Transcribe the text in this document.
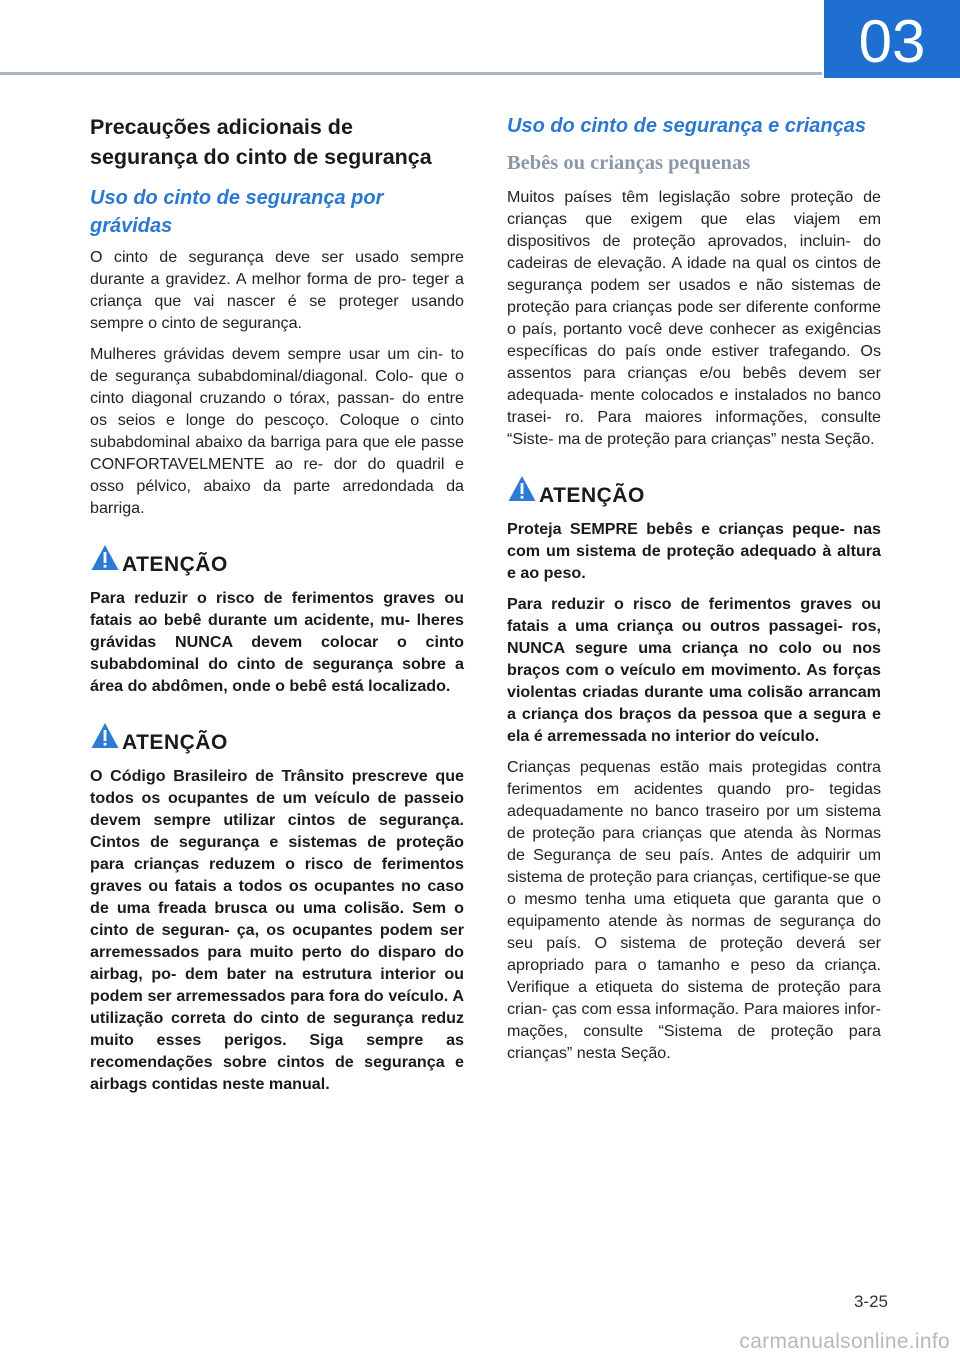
03
Precauções adicionais de segurança do cinto de segurança
Uso do cinto de segurança por grávidas

O cinto de segurança deve ser usado sempre durante a gravidez. A melhor forma de pro- teger a criança que vai nascer é se proteger usando sempre o cinto de segurança.

Mulheres grávidas devem sempre usar um cin- to de segurança subabdominal/diagonal. Colo- que o cinto diagonal cruzando o tórax, passan- do entre os seios e longe do pescoço. Coloque o cinto subabdominal abaixo da barriga para que ele passe CONFORTAVELMENTE ao re- dor do quadril e osso pélvico, abaixo da parte arredondada da barriga.

ATENÇÃO

Para reduzir o risco de ferimentos graves ou fatais ao bebê durante um acidente, mu- lheres grávidas NUNCA devem colocar o cinto subabdominal do cinto de segurança sobre a área do abdômen, onde o bebê está localizado.

ATENÇÃO

O Código Brasileiro de Trânsito prescreve que todos os ocupantes de um veículo de passeio devem sempre utilizar cintos de segurança. Cintos de segurança e sistemas de proteção para crianças reduzem o risco de ferimentos graves ou fatais a todos os ocupantes no caso de uma freada brusca ou uma colisão. Sem o cinto de seguran- ça, os ocupantes podem ser arremessados para muito perto do disparo do airbag, po- dem bater na estrutura interior ou podem ser arremessados para fora do veículo. A utilização correta do cinto de segurança reduz muito esses perigos. Siga sempre as recomendações sobre cintos de segurança e airbags contidas neste manual.

Uso do cinto de segurança e crianças
Bebês ou crianças pequenas

Muitos países têm legislação sobre proteção de crianças que exigem que elas viajem em dispositivos de proteção aprovados, incluin- do cadeiras de elevação. A idade na qual os cintos de segurança podem ser usados e não sistemas de proteção para crianças pode ser diferente conforme o país, portanto você deve conhecer as exigências específicas do país onde estiver trafegando. Os assentos para crianças e/ou bebês devem ser adequada- mente colocados e instalados no banco trasei- ro. Para maiores informações, consulte “Siste- ma de proteção para crianças” nesta Seção.

ATENÇÃO

Proteja SEMPRE bebês e crianças peque- nas com um sistema de proteção adequado à altura e ao peso.

Para reduzir o risco de ferimentos graves ou fatais a uma criança ou outros passagei- ros, NUNCA segure uma criança no colo ou nos braços com o veículo em movimento. As forças violentas criadas durante uma colisão arrancam a criança dos braços da pessoa que a segura e ela é arremessada no interior do veículo.

Crianças pequenas estão mais protegidas contra ferimentos em acidentes quando pro- tegidas adequadamente no banco traseiro por um sistema de proteção para crianças que atenda às Normas de Segurança de seu país. Antes de adquirir um sistema de proteção para crianças, certifique-se que o mesmo tenha uma etiqueta que garanta que o equipamento atende às normas de segurança do seu país. O sistema de proteção deverá ser apropriado para o tamanho e peso da criança. Verifique a etiqueta do sistema de proteção para crian- ças com essa informação. Para maiores infor- mações, consulte “Sistema de proteção para crianças” nesta Seção.

3-25
carmanualsonline.info
